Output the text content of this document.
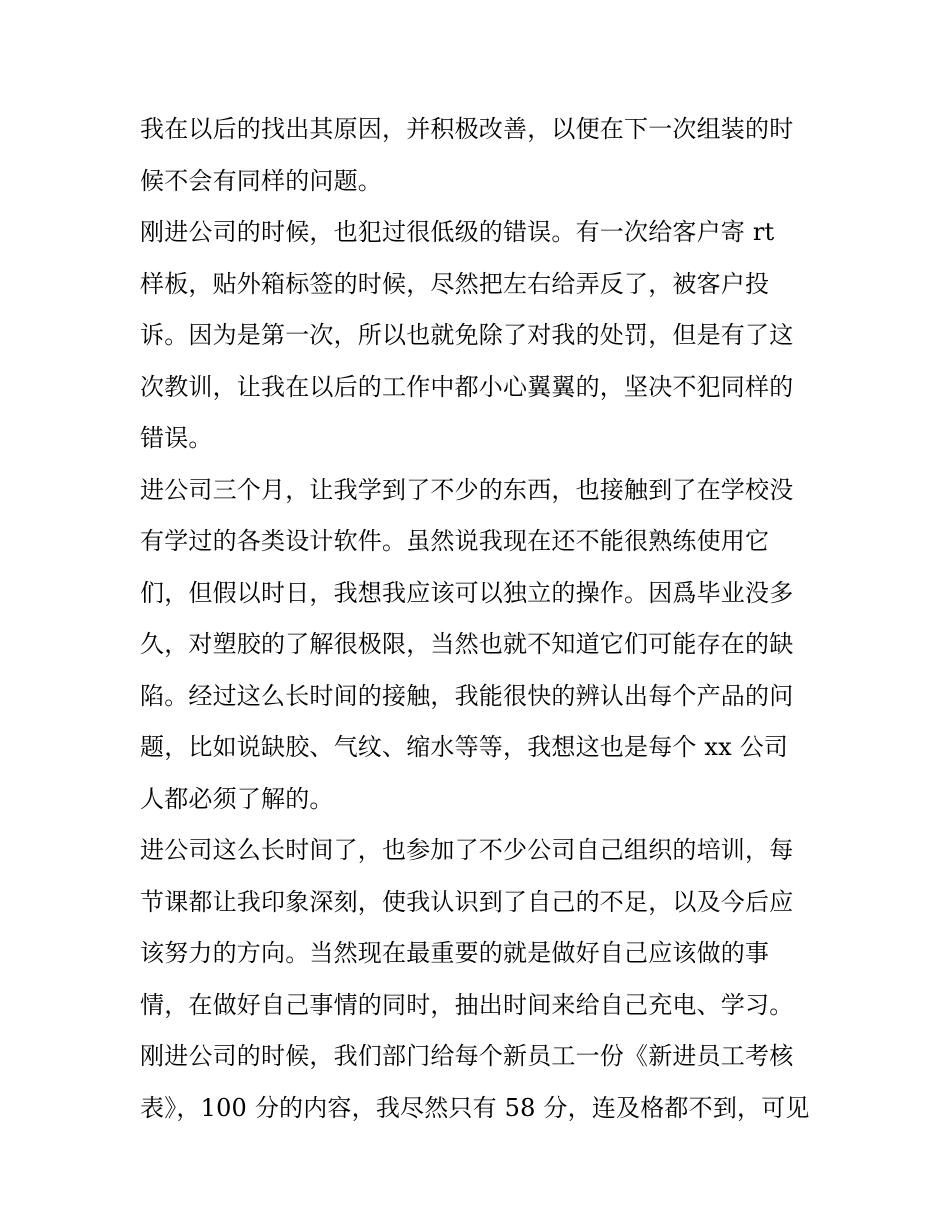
我在以后的找出其原因，并积极改善，以便在下一次组装的时
候不会有同样的问题。
刚进公司的时候，也犯过很低级的错误。有一次给客户寄 rt
样板，贴外箱标签的时候，尽然把左右给弄反了，被客户投
诉。因为是第一次，所以也就免除了对我的处罚，但是有了这
次教训，让我在以后的工作中都小心翼翼的，坚决不犯同样的
错误。
进公司三个月，让我学到了不少的东西，也接触到了在学校没
有学过的各类设计软件。虽然说我现在还不能很熟练使用它
们，但假以时日，我想我应该可以独立的操作。因爲毕业没多
久，对塑胶的了解很极限，当然也就不知道它们可能存在的缺
陷。经过这么长时间的接触，我能很快的辨认出每个产品的问
题，比如说缺胶、气纹、缩水等等，我想这也是每个 xx 公司
人都必须了解的。
进公司这么长时间了，也参加了不少公司自己组织的培训，每
节课都让我印象深刻，使我认识到了自己的不足，以及今后应
该努力的方向。当然现在最重要的就是做好自己应该做的事
情，在做好自己事情的同时，抽出时间来给自己充电、学习。
刚进公司的时候，我们部门给每个新员工一份《新进员工考核
表》，100 分的内容，我尽然只有 58 分，连及格都不到，可见
